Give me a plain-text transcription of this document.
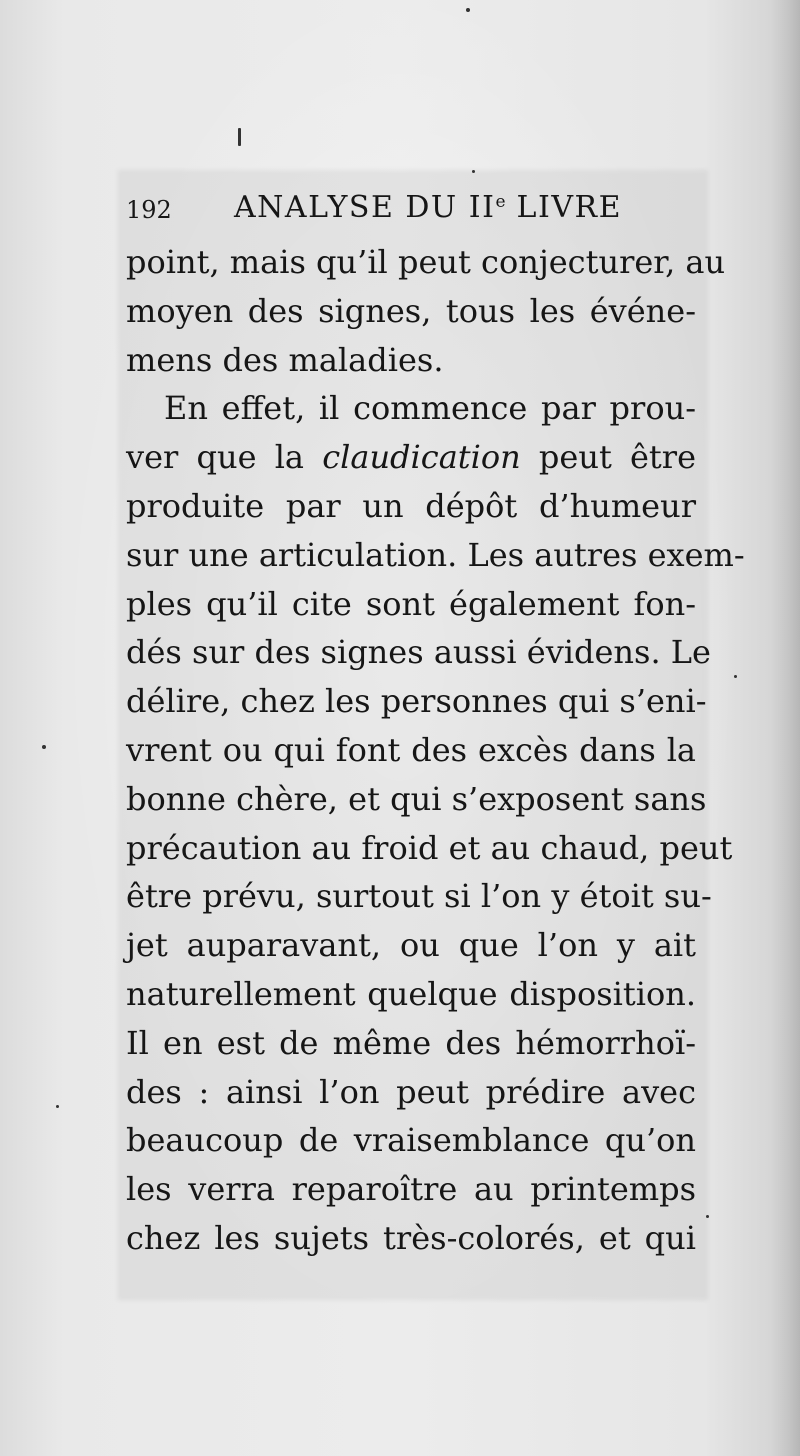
192 ANALYSE DU IIe LIVRE
point, mais qu’il peut conjecturer, au
moyen des signes, tous les événe-
mens des maladies.
En effet, il commence par prou-
ver que la claudication peut être
produite par un dépôt d’humeur
sur une articulation. Les autres exem-
ples qu’il cite sont également fon-
dés sur des signes aussi évidens. Le
délire, chez les personnes qui s’eni-
vrent ou qui font des excès dans la
bonne chère, et qui s’exposent sans
précaution au froid et au chaud, peut
être prévu, surtout si l’on y étoit su-
jet auparavant, ou que l’on y ait
naturellement quelque disposition.
Il en est de même des hémorrhoï-
des : ainsi l’on peut prédire avec
beaucoup de vraisemblance qu’on
les verra reparoître au printemps
chez les sujets très-colorés, et qui
